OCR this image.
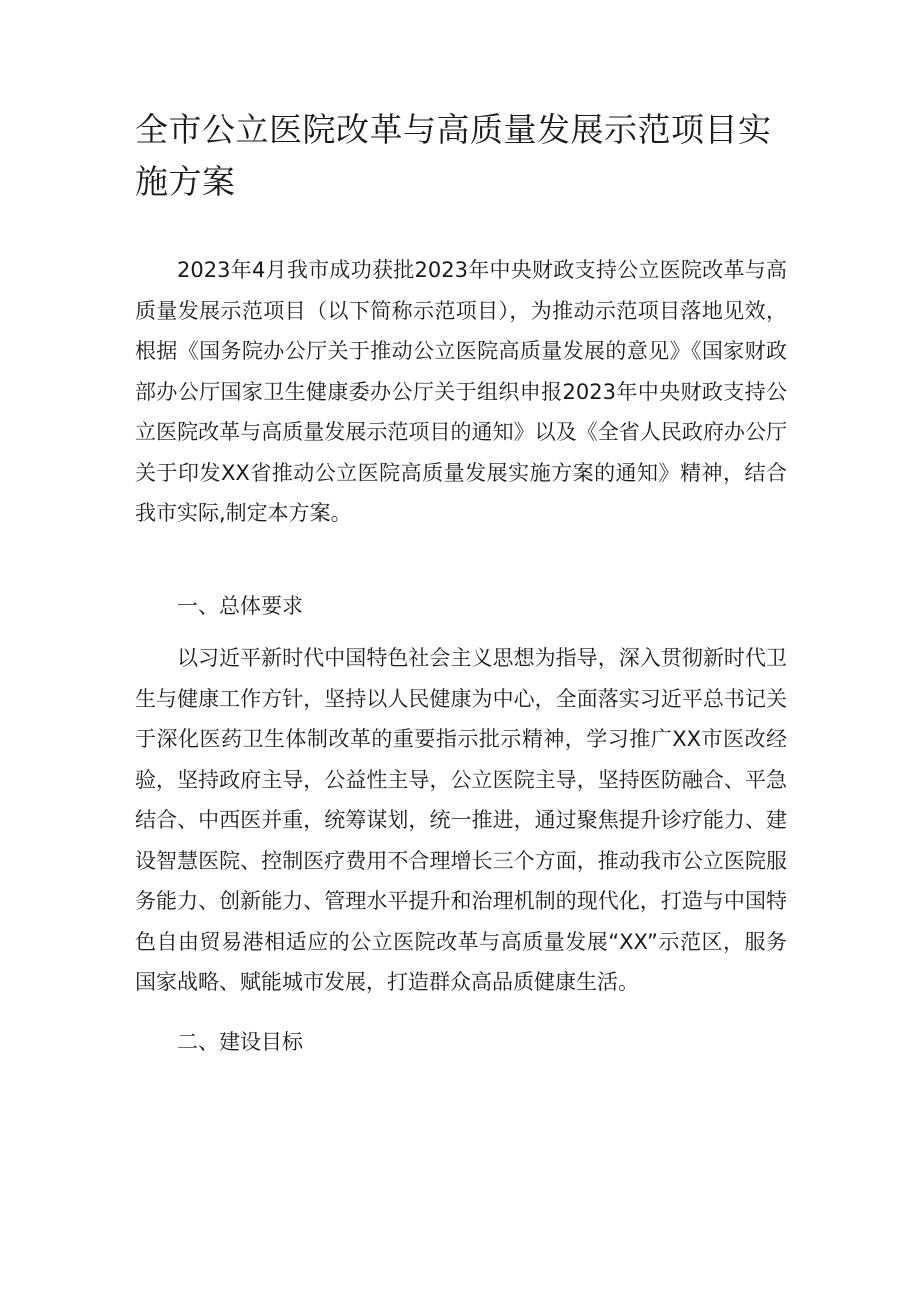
全市公立医院改革与高质量发展示范项目实施方案

2023年4月我市成功获批2023年中央财政支持公立医院改革与高质量发展示范项目（以下简称示范项目），为推动示范项目落地见效，根据《国务院办公厅关于推动公立医院高质量发展的意见》《国家财政部办公厅国家卫生健康委办公厅关于组织申报2023年中央财政支持公立医院改革与高质量发展示范项目的通知》以及《全省人民政府办公厅关于印发XX省推动公立医院高质量发展实施方案的通知》精神，结合我市实际,制定本方案。

一、总体要求

以习近平新时代中国特色社会主义思想为指导，深入贯彻新时代卫生与健康工作方针，坚持以人民健康为中心，全面落实习近平总书记关于深化医药卫生体制改革的重要指示批示精神，学习推广XX市医改经验，坚持政府主导，公益性主导，公立医院主导，坚持医防融合、平急结合、中西医并重，统筹谋划，统一推进，通过聚焦提升诊疗能力、建设智慧医院、控制医疗费用不合理增长三个方面，推动我市公立医院服务能力、创新能力、管理水平提升和治理机制的现代化，打造与中国特色自由贸易港相适应的公立医院改革与高质量发展“XX”示范区，服务国家战略、赋能城市发展，打造群众高品质健康生活。

二、建设目标
